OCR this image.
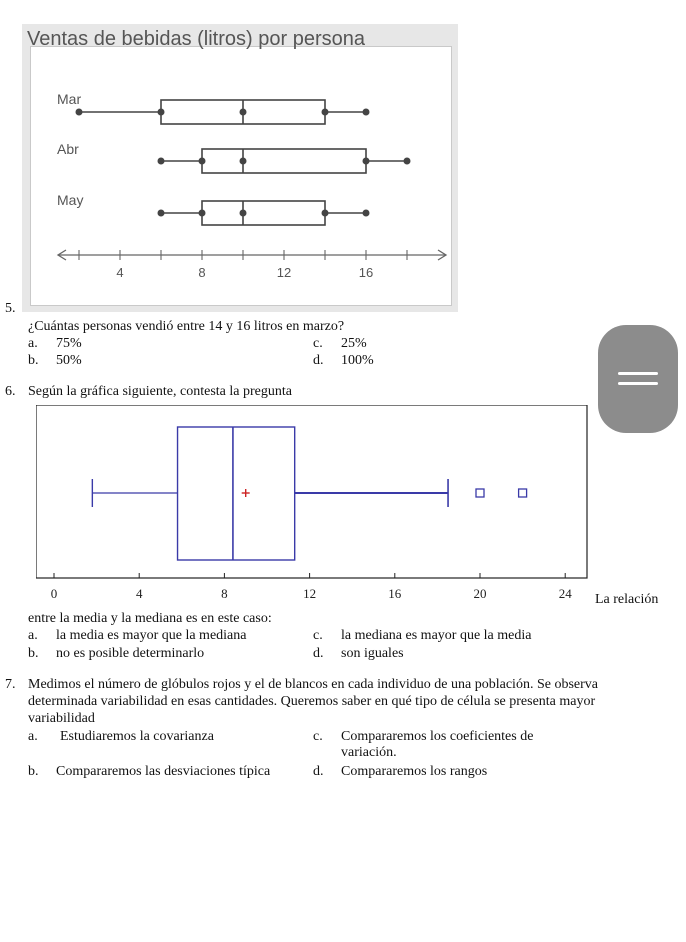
Ventas de bebidas (litros) por persona
Mar
Abr
May
4	8	12	16
5.
¿Cuántas personas vendió entre 14 y 16 litros en marzo?
a. 75%	c. 25%
b. 50%	d. 100%
6. Según la gráfica siguiente, contesta la pregunta
0	4	8	12	16	20	24 La relación
entre la media y la mediana es en este caso:
a. la media es mayor que la mediana	c. la mediana es mayor que la media
b. no es posible determinarlo	d. son iguales
7. Medimos el número de glóbulos rojos y el de blancos en cada individuo de una población. Se observa
determinada variabilidad en esas cantidades. Queremos saber en qué tipo de célula se presenta mayor
variabilidad
a. Estudiaremos la covarianza	c. Compararemos los coeficientes de
variación.
b. Compararemos las desviaciones típica	d. Compararemos los rangos
